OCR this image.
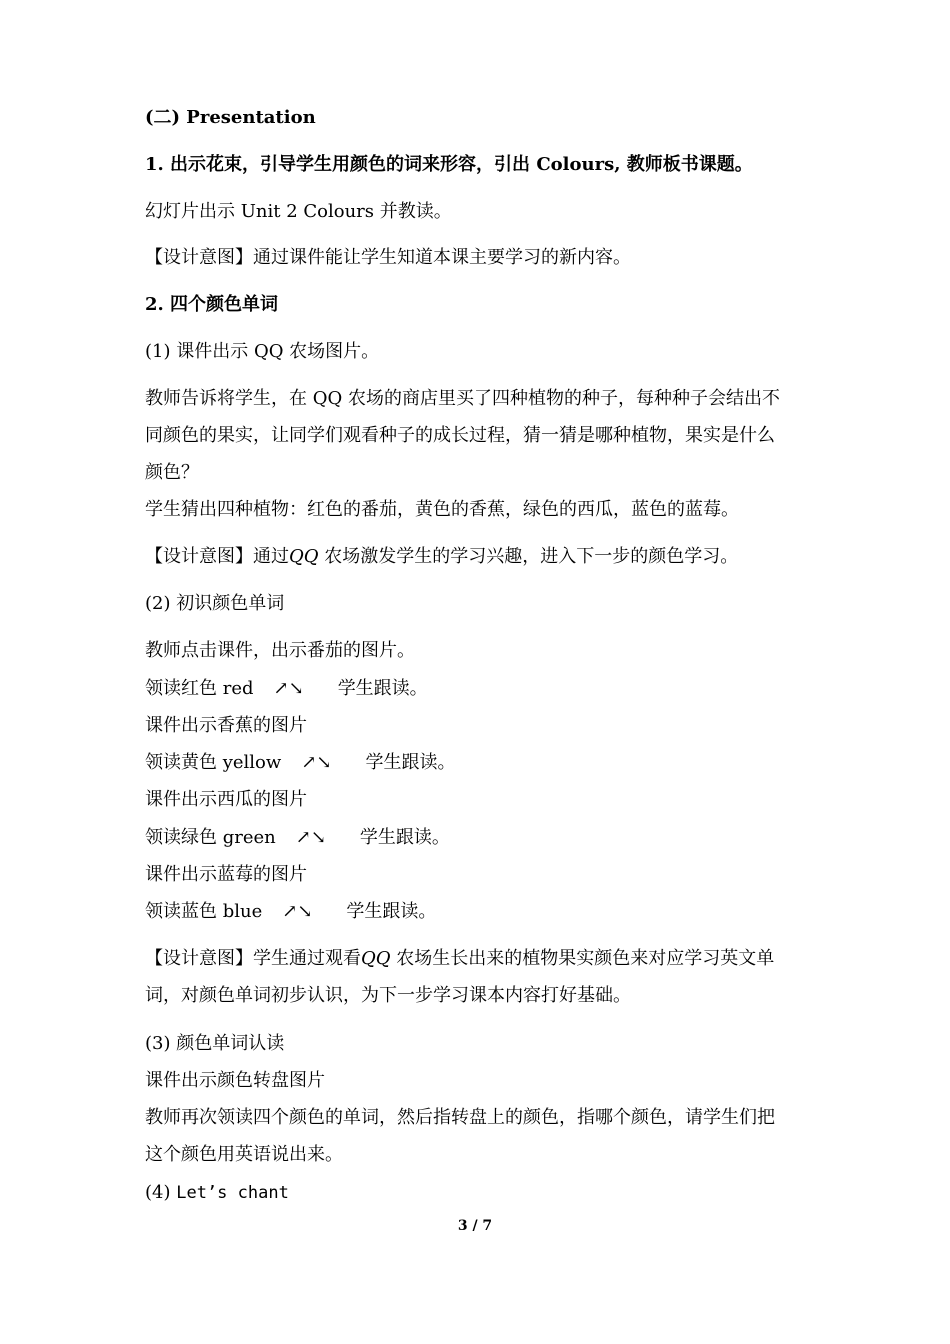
(二) Presentation
1. 出示花束，引导学生用颜色的词来形容，引出 Colours, 教师板书课题。
幻灯片出示 Unit 2 Colours 并教读。
【设计意图】通过课件能让学生知道本课主要学习的新内容。
2. 四个颜色单词
(1) 课件出示 QQ 农场图片。
教师告诉将学生，在 QQ 农场的商店里买了四种植物的种子，每种种子会结出不
同颜色的果实，让同学们观看种子的成长过程，猜一猜是哪种植物，果实是什么
颜色？
学生猜出四种植物：红色的番茄，黄色的香蕉，绿色的西瓜，蓝色的蓝莓。
【设计意图】通过QQ 农场激发学生的学习兴趣，进入下一步的颜色学习。
(2) 初识颜色单词
教师点击课件，出示番茄的图片。
领读红色 red ↗↘ 学生跟读。
课件出示香蕉的图片
领读黄色 yellow ↗↘ 学生跟读。
课件出示西瓜的图片
领读绿色 green ↗↘ 学生跟读。
课件出示蓝莓的图片
领读蓝色 blue ↗↘ 学生跟读。
【设计意图】学生通过观看QQ 农场生长出来的植物果实颜色来对应学习英文单
词，对颜色单词初步认识，为下一步学习课本内容打好基础。
(3) 颜色单词认读
课件出示颜色转盘图片
教师再次领读四个颜色的单词，然后指转盘上的颜色，指哪个颜色，请学生们把
这个颜色用英语说出来。
(4) Let’s chant
3 / 7
